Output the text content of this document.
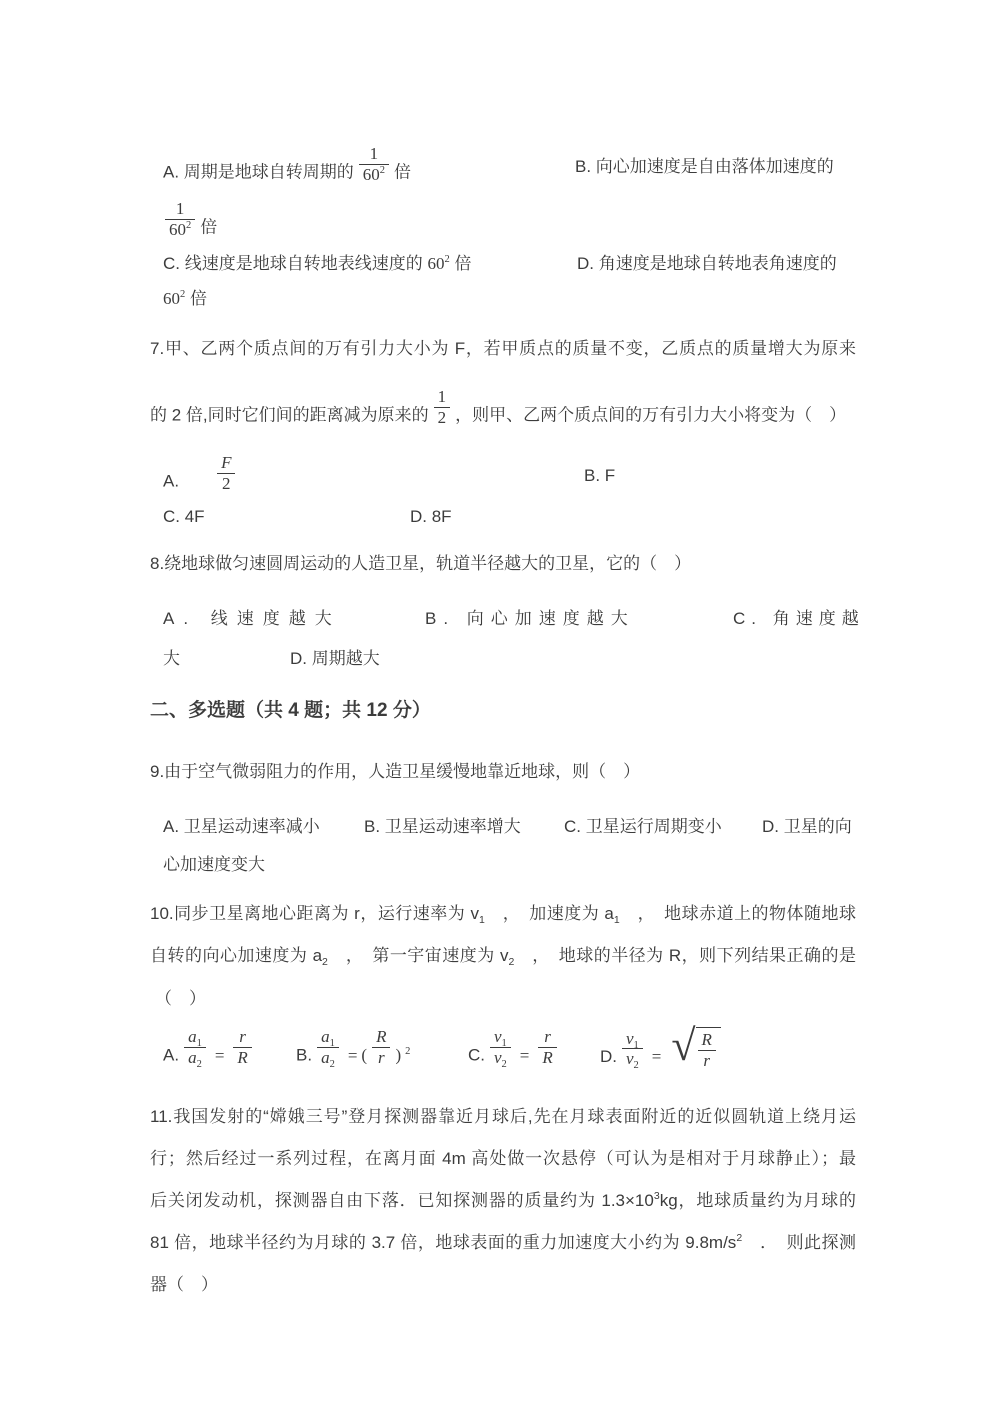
A. 周期是地球自转周期的 $\frac{1}{60^2}$ 倍	B. 向心加速度是自由落体加速度的
$\frac{1}{60^2}$ 倍
C. 线速度是地球自转地表线速度的 $60^2$ 倍	D. 角速度是地球自转地表角速度的
$60^2$ 倍
7.甲、乙两个质点间的万有引力大小为 F，若甲质点的质量不变，乙质点的质量增大为原来
的 2 倍,同时它们间的距离减为原来的 $\frac{1}{2}$ ，则甲、乙两个质点间的万有引力大小将变为（　）
A. $\frac{F}{2}$	B. F
C. 4F	D. 8F
8.绕地球做匀速圆周运动的人造卫星，轨道半径越大的卫星，它的（　）
A. 线速度越大	B. 向心加速度越大	C. 角速度越
大	D. 周期越大
二、多选题（共 4 题；共 12 分）
9.由于空气微弱阻力的作用，人造卫星缓慢地靠近地球，则（　）
A. 卫星运动速率减小	B. 卫星运动速率增大	C. 卫星运行周期变小 D. 卫星的向
心加速度变大
10.同步卫星离地心距离为 r，运行速率为 $v_1$　，　加速度为 $a_1$　，　地球赤道上的物体随地球
自转的向心加速度为 $a_2$　，　第一宇宙速度为 $v_2$　，　地球的半径为 R，则下列结果正确的是
（　）
A. $\frac{a_1}{a_2} = \frac{r}{R}$	B. $\frac{a_1}{a_2}$ = ( $\frac{R}{r}$ ) $^2$	C. $\frac{v_1}{v_2} = \frac{r}{R}$	D. $\frac{v_1}{v_2}$ = √ $\frac{R}{r}$
11.我国发射的“嫦娥三号”登月探测器靠近月球后,先在月球表面附近的近似圆轨道上绕月运
行；然后经过一系列过程，在离月面 4m 高处做一次悬停（可认为是相对于月球静止）；最
后关闭发动机，探测器自由下落．已知探测器的质量约为 $1.3\times 10^3kg$，地球质量约为月球的
81 倍，地球半径约为月球的 3.7 倍，地球表面的重力加速度大小约为 $9.8m/s^2$　．　则此探测
器（　）
